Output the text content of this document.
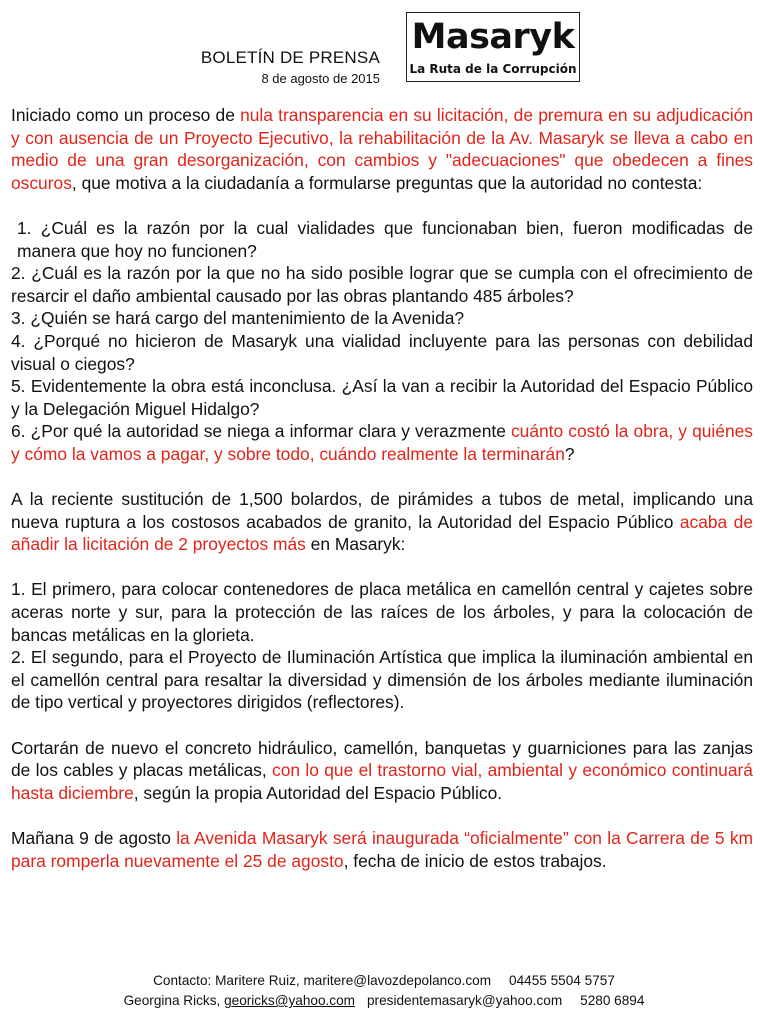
BOLETÍN DE PRENSA
8 de agosto de 2015
Masaryk
La Ruta de la Corrupción

Iniciado como un proceso de nula transparencia en su licitación, de premura en su adjudicación y con ausencia de un Proyecto Ejecutivo, la rehabilitación de la Av. Masaryk se lleva a cabo en medio de una gran desorganización, con cambios y "adecuaciones" que obedecen a fines oscuros, que motiva a la ciudadanía a formularse preguntas que la autoridad no contesta:

1. ¿Cuál es la razón por la cual vialidades que funcionaban bien, fueron modificadas de manera que hoy no funcionen?

2. ¿Cuál es la razón por la que no ha sido posible lograr que se cumpla con el ofrecimiento de resarcir el daño ambiental causado por las obras plantando 485 árboles?

3. ¿Quién se hará cargo del mantenimiento de la Avenida?

4. ¿Porqué no hicieron de Masaryk una vialidad incluyente para las personas con debilidad visual o ciegos?

5. Evidentemente la obra está inconclusa. ¿Así la van a recibir la Autoridad del Espacio Público y la Delegación Miguel Hidalgo?

6. ¿Por qué la autoridad se niega a informar clara y verazmente cuánto costó la obra, y quiénes y cómo la vamos a pagar, y sobre todo, cuándo realmente la terminarán?

A la reciente sustitución de 1,500 bolardos, de pirámides a tubos de metal, implicando una nueva ruptura a los costosos acabados de granito, la Autoridad del Espacio Público acaba de añadir la licitación de 2 proyectos más en Masaryk:

1. El primero, para colocar contenedores de placa metálica en camellón central y cajetes sobre aceras norte y sur, para la protección de las raíces de los árboles, y para la colocación de bancas metálicas en la glorieta.

2. El segundo, para el Proyecto de Iluminación Artística que implica la iluminación ambiental en el camellón central para resaltar la diversidad y dimensión de los árboles mediante iluminación de tipo vertical y proyectores dirigidos (reflectores).

Cortarán de nuevo el concreto hidráulico, camellón, banquetas y guarniciones para las zanjas de los cables y placas metálicas, con lo que el trastorno vial, ambiental y económico continuará hasta diciembre, según la propia Autoridad del Espacio Público.

Mañana 9 de agosto la Avenida Masaryk será inaugurada “oficialmente” con la Carrera de 5 km para romperla nuevamente el 25 de agosto, fecha de inicio de estos trabajos.

Contacto: Maritere Ruiz, maritere@lavozdepolanco.com 04455 5504 5757
Georgina Ricks, georicks@yahoo.com presidentemasaryk@yahoo.com 5280 6894
